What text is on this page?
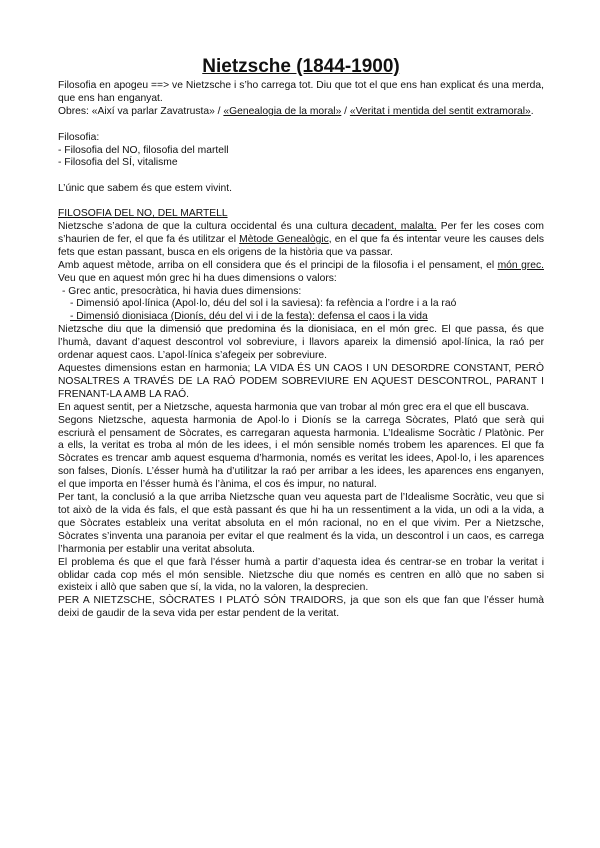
Nietzsche (1844-1900)

Filosofia en apogeu ==> ve Nietzsche i s’ho carrega tot. Diu que tot el que ens han explicat és una merda, que ens han enganyat.

Obres: «Així va parlar Zavatrusta» / «Genealogia de la moral» / «Veritat i mentida del sentit extramoral».

Filosofia:

- Filosofia del NO, filosofia del martell

- Filosofia del SÍ, vitalisme

L’únic que sabem és que estem vivint.

FILOSOFIA DEL NO, DEL MARTELL

Nietzsche s’adona de que la cultura occidental és una cultura decadent, malalta. Per fer les coses com s’haurien de fer, el que fa és utilitzar el Mètode Genealògic, en el que fa és intentar veure les causes dels fets que estan passant, busca en els origens de la història que va passar.

Amb aquest mètode, arriba on ell considera que és el principi de la filosofia i el pensament, el món grec. Veu que en aquest món grec hi ha dues dimensions o valors:

- Grec antic, presocràtica, hi havia dues dimensions:

- Dimensió apol·línica (Apol·lo, déu del sol i la saviesa): fa refència a l’ordre i a la raó

- Dimensió dionisiaca (Dionís, déu del vi i de la festa): defensa el caos i la vida

Nietzsche diu que la dimensió que predomina és la dionisiaca, en el món grec. El que passa, és que l’humà, davant d’aquest descontrol vol sobreviure, i llavors apareix la dimensió apol·línica, la raó per ordenar aquest caos. L’apol·línica s’afegeix per sobreviure.

Aquestes dimensions estan en harmonia; LA VIDA ÉS UN CAOS I UN DESORDRE CONSTANT, PERÒ NOSALTRES A TRAVÉS DE LA RAÓ PODEM SOBREVIURE EN AQUEST DESCONTROL, PARANT I FRENANT-LA AMB LA RAÓ.

En aquest sentit, per a Nietzsche, aquesta harmonia que van trobar al món grec era el que ell buscava.

Segons Nietzsche, aquesta harmonia de Apol·lo i Dionís se la carrega Sòcrates, Plató que serà qui escriurà el pensament de Sòcrates, es carregaran aquesta harmonia. L’Idealisme Socràtic / Platònic. Per a ells, la veritat es troba al món de les idees, i el món sensible només trobem les aparences. El que fa Sòcrates es trencar amb aquest esquema d’harmonia, només es veritat les idees, Apol·lo, i les aparences son falses, Dionís. L’ésser humà ha d’utilitzar la raó per arribar a les idees, les aparences ens enganyen, el que importa en l’ésser humà és l’ànima, el cos és impur, no natural.

Per tant, la conclusió a la que arriba Nietzsche quan veu aquesta part de l’Idealisme Socràtic, veu que si tot això de la vida és fals, el que està passant és que hi ha un ressentiment a la vida, un odi a la vida, a que Sòcrates estableix una veritat absoluta en el món racional, no en el que vivim. Per a Nietzsche, Sòcrates s’inventa una paranoia per evitar el que realment és la vida, un descontrol i un caos, es carrega l’harmonia per establir una veritat absoluta.

El problema és que el que farà l’ésser humà a partir d’aquesta idea és centrar-se en trobar la veritat i oblidar cada cop més el món sensible. Nietzsche diu que només es centren en allò que no saben si existeix i allò que saben que sí, la vida, no la valoren, la desprecien.

PER A NIETZSCHE, SÒCRATES I PLATÓ SÓN TRAIDORS, ja que son els que fan que l’ésser humà deixi de gaudir de la seva vida per estar pendent de la veritat.
